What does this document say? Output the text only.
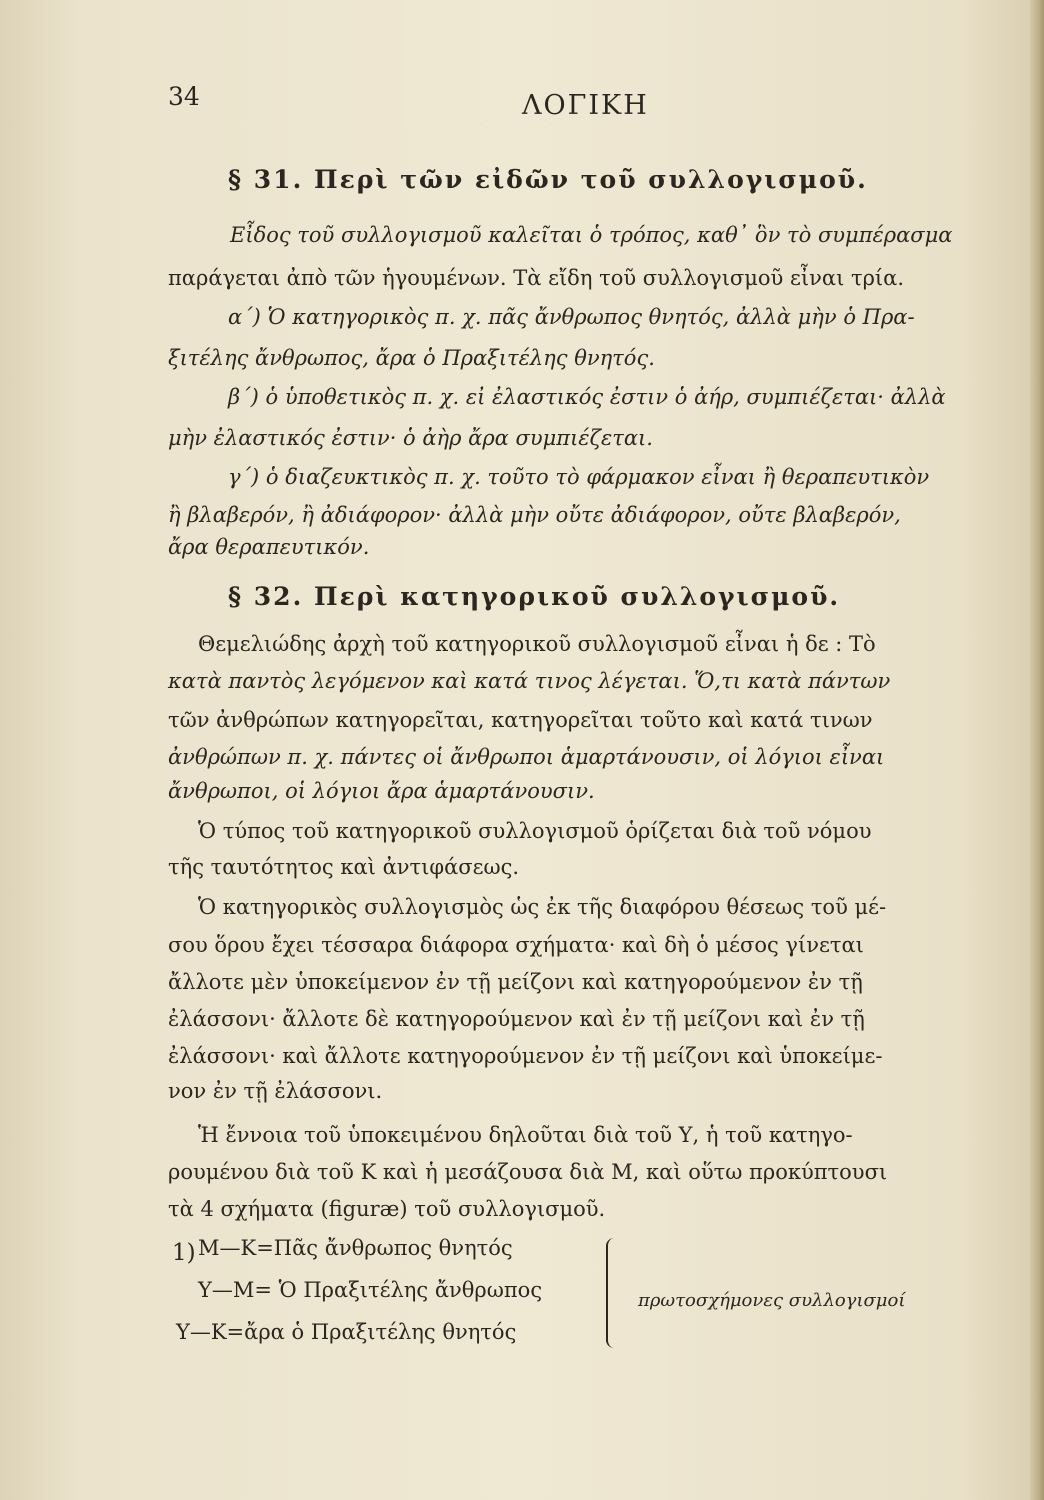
34	ΛΟΓΙΚΗ
§ 31. Περὶ τῶν εἰδῶν τοῦ συλλογισμοῦ.
Εἶδος τοῦ συλλογισμοῦ καλεῖται ὁ τρόπος, καθ᾽ ὃν τὸ συμπέρασμα
παράγεται ἀπὸ τῶν ἡγουμένων. Τὰ εἴδη τοῦ συλλογισμοῦ εἶναι τρία.
α΄) Ὁ κατηγορικὸς π. χ. πᾶς ἄνθρωπος θνητός, ἀλλὰ μὴν ὁ Πρα-
ξιτέλης ἄνθρωπος, ἄρα ὁ Πραξιτέλης θνητός.
β΄) ὁ ὑποθετικὸς π. χ. εἰ ἐλαστικός ἐστιν ὁ ἀήρ, συμπιέζεται· ἀλλὰ
μὴν ἐλαστικός ἐστιν· ὁ ἀὴρ ἄρα συμπιέζεται.
γ΄) ὁ διαζευκτικὸς π. χ. τοῦτο τὸ φάρμακον εἶναι ἢ θεραπευτικὸν
ἢ βλαβερόν, ἢ ἀδιάφορον· ἀλλὰ μὴν οὔτε ἀδιάφορον, οὔτε βλαβερόν,
ἄρα θεραπευτικόν.
§ 32. Περὶ κατηγορικοῦ συλλογισμοῦ.
Θεμελιώδης ἀρχὴ τοῦ κατηγορικοῦ συλλογισμοῦ εἶναι ἡ δε : Τὸ
κατὰ παντὸς λεγόμενον καὶ κατά τινος λέγεται. Ὅ,τι κατὰ πάντων
τῶν ἀνθρώπων κατηγορεῖται, κατηγορεῖται τοῦτο καὶ κατά τινων
ἀνθρώπων π. χ. πάντες οἱ ἄνθρωποι ἁμαρτάνουσιν, οἱ λόγιοι εἶναι
ἄνθρωποι, οἱ λόγιοι ἄρα ἁμαρτάνουσιν.
Ὁ τύπος τοῦ κατηγορικοῦ συλλογισμοῦ ὁρίζεται διὰ τοῦ νόμου
τῆς ταυτότητος καὶ ἀντιφάσεως.
Ὁ κατηγορικὸς συλλογισμὸς ὡς ἐκ τῆς διαφόρου θέσεως τοῦ μέ-
σου ὅρου ἔχει τέσσαρα διάφορα σχήματα· καὶ δὴ ὁ μέσος γίνεται
ἄλλοτε μὲν ὑποκείμενον ἐν τῇ μείζονι καὶ κατηγορούμενον ἐν τῇ
ἐλάσσονι· ἄλλοτε δὲ κατηγορούμενον καὶ ἐν τῇ μείζονι καὶ ἐν τῇ
ἐλάσσονι· καὶ ἄλλοτε κατηγορούμενον ἐν τῇ μείζονι καὶ ὑποκείμε-
νον ἐν τῇ ἐλάσσονι.
Ἡ ἔννοια τοῦ ὑποκειμένου δηλοῦται διὰ τοῦ Υ, ἡ τοῦ κατηγο-
ρουμένου διὰ τοῦ Κ καὶ ἡ μεσάζουσα διὰ Μ, καὶ οὕτω προκύπτουσι
τὰ 4 σχήματα (figuræ) τοῦ συλλογισμοῦ.
1) Μ—Κ=Πᾶς ἄνθρωπος θνητός
Υ—Μ= Ὁ Πραξιτέλης ἄνθρωπος
Υ—Κ=ἄρα ὁ Πραξιτέλης θνητός
πρωτοσχήμονες συλλογισμοί
